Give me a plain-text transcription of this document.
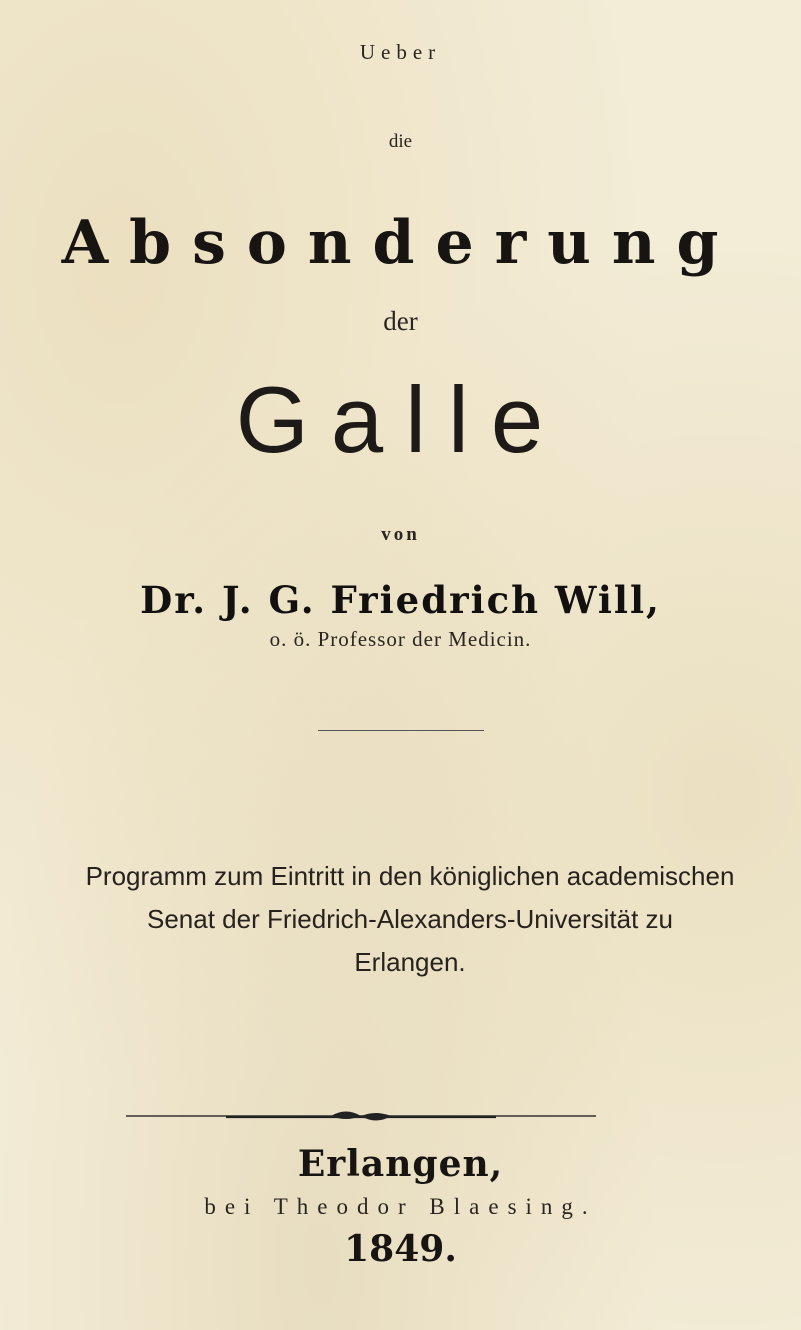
Ueber
die
Absonderung
der
Galle
von
Dr. J. G. Friedrich Will,
o. ö. Professor der Medicin.
Programm zum Eintritt in den königlichen academischen
Senat der Friedrich-Alexanders-Universität zu
Erlangen.
Erlangen,
bei Theodor Blaesing.
1849.
